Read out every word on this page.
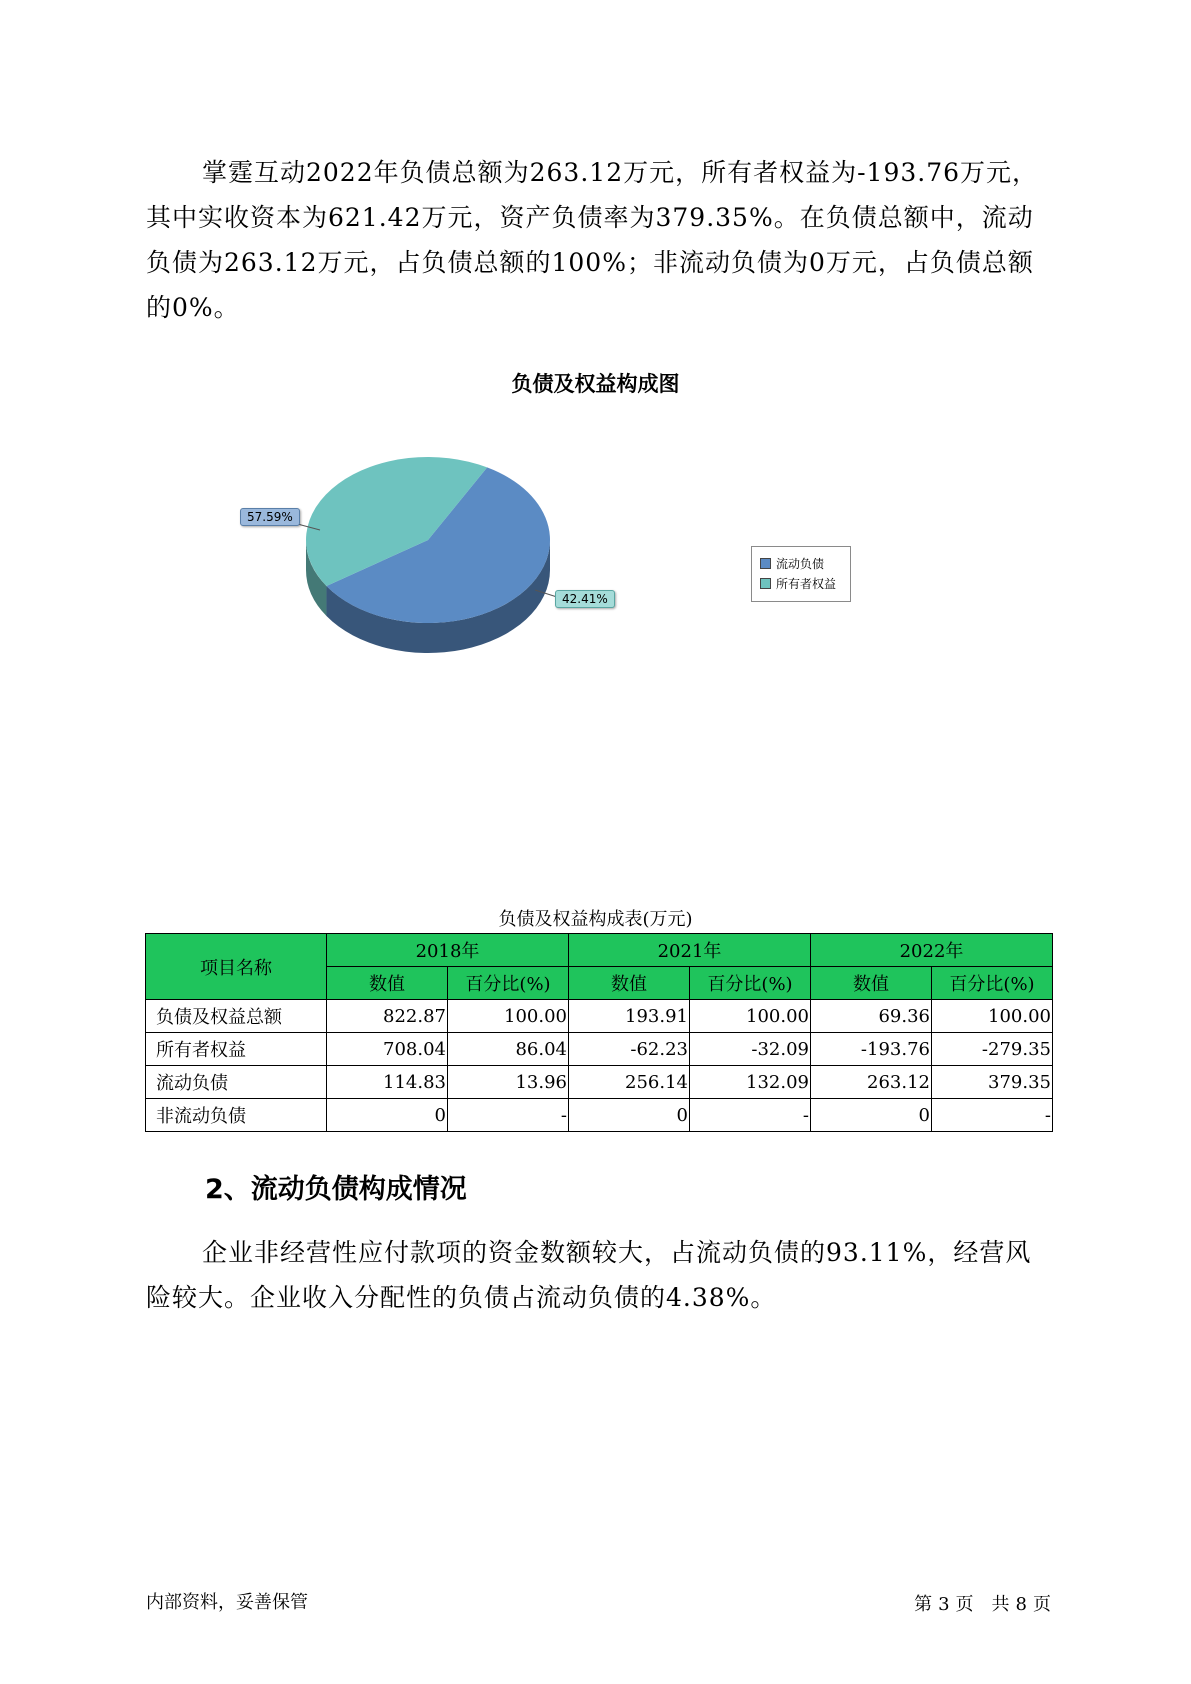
掌霆互动2022年负债总额为263.12万元，所有者权益为-193.76万元，其中实收资本为621.42万元，资产负债率为379.35%。在负债总额中，流动负债为263.12万元，占负债总额的100%；非流动负债为0万元，占负债总额的0%。

负债及权益构成图
57.59%
42.41%
流动负债
所有者权益
负债及权益构成表(万元)
项目名称	2018年		2021年		2022年	
	数值	百分比(%)	数值	百分比(%)	数值	百分比(%)
负债及权益总额	822.87	100.00	193.91	100.00	69.36	100.00
所有者权益	708.04	86.04	-62.23	-32.09	-193.76	-279.35
流动负债	114.83	13.96	256.14	132.09	263.12	379.35
非流动负债	0	-	0	-	0	-
2、流动负债构成情况

企业非经营性应付款项的资金数额较大，占流动负债的93.11%，经营风险较大。企业收入分配性的负债占流动负债的4.38%。

内部资料，妥善保管	第 3 页　共 8 页
